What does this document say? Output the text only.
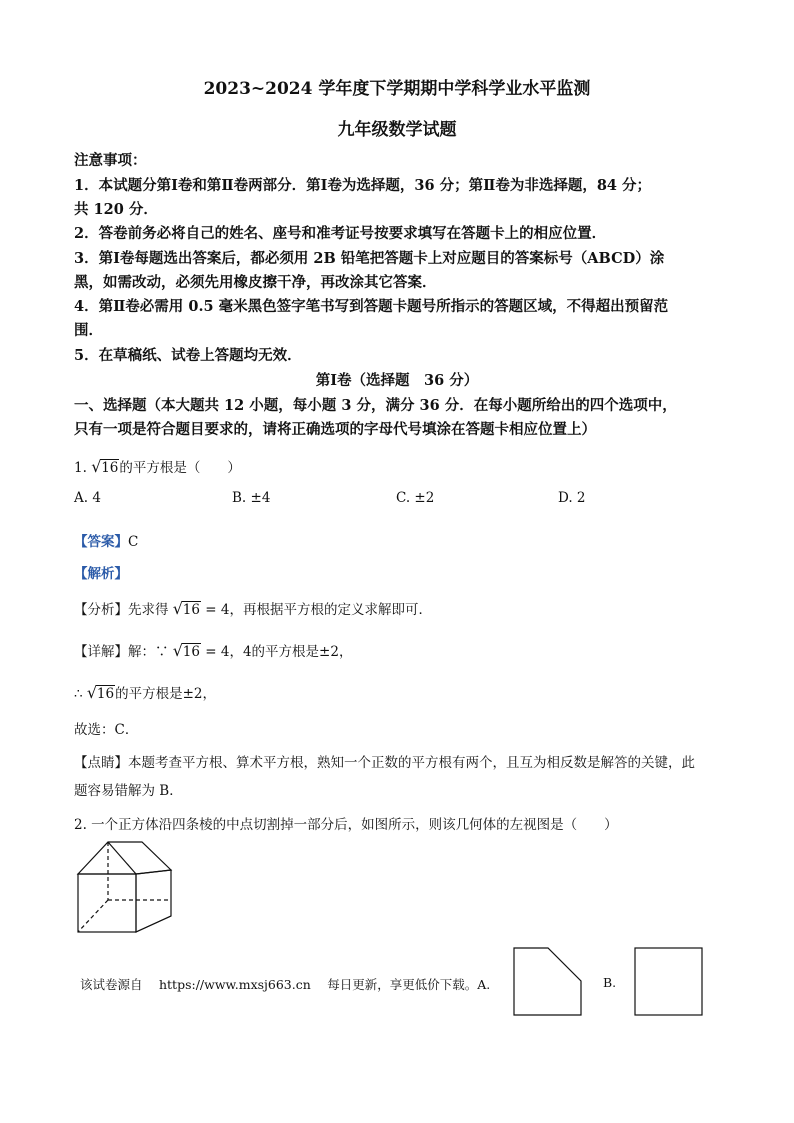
2023~2024 学年度下学期期中学科学业水平监测
九年级数学试题
注意事项：
1．本试题分第Ⅰ卷和第Ⅱ卷两部分．第Ⅰ卷为选择题，36 分；第Ⅱ卷为非选择题，84 分；
共 120 分．
2．答卷前务必将自己的姓名、座号和准考证号按要求填写在答题卡上的相应位置．
3．第Ⅰ卷每题选出答案后，都必须用 2B 铅笔把答题卡上对应题目的答案标号（ABCD）涂
黑，如需改动，必须先用橡皮擦干净，再改涂其它答案．
4．第Ⅱ卷必需用 0.5 毫米黑色签字笔书写到答题卡题号所指示的答题区域，不得超出预留范
围．
5．在草稿纸、试卷上答题均无效．
第Ⅰ卷（选择题　36 分）
一、选择题（本大题共 12 小题，每小题 3 分，满分 36 分．在每小题所给出的四个选项中，
只有一项是符合题目要求的，请将正确选项的字母代号填涂在答题卡相应位置上）
1. √ 16的平方根是（　　）
A. 4	B. ±4	C. ±2	D. 2
【答案】C
【解析】
【分析】先求得 √ 16 = 4，再根据平方根的定义求解即可．
【详解】解：∵ √ 16 = 4，4的平方根是±2，
∴ √ 16的平方根是±2，
故选：C．
【点睛】本题考查平方根、算术平方根，熟知一个正数的平方根有两个，且互为相反数是解答的关键，此
题容易错解为 B．
2. 一个正方体沿四条棱的中点切割掉一部分后，如图所示，则该几何体的左视图是（　　）
该试卷源自　 https://www.mxsj663.cn　 每日更新，享更低价下载。A.	B.
